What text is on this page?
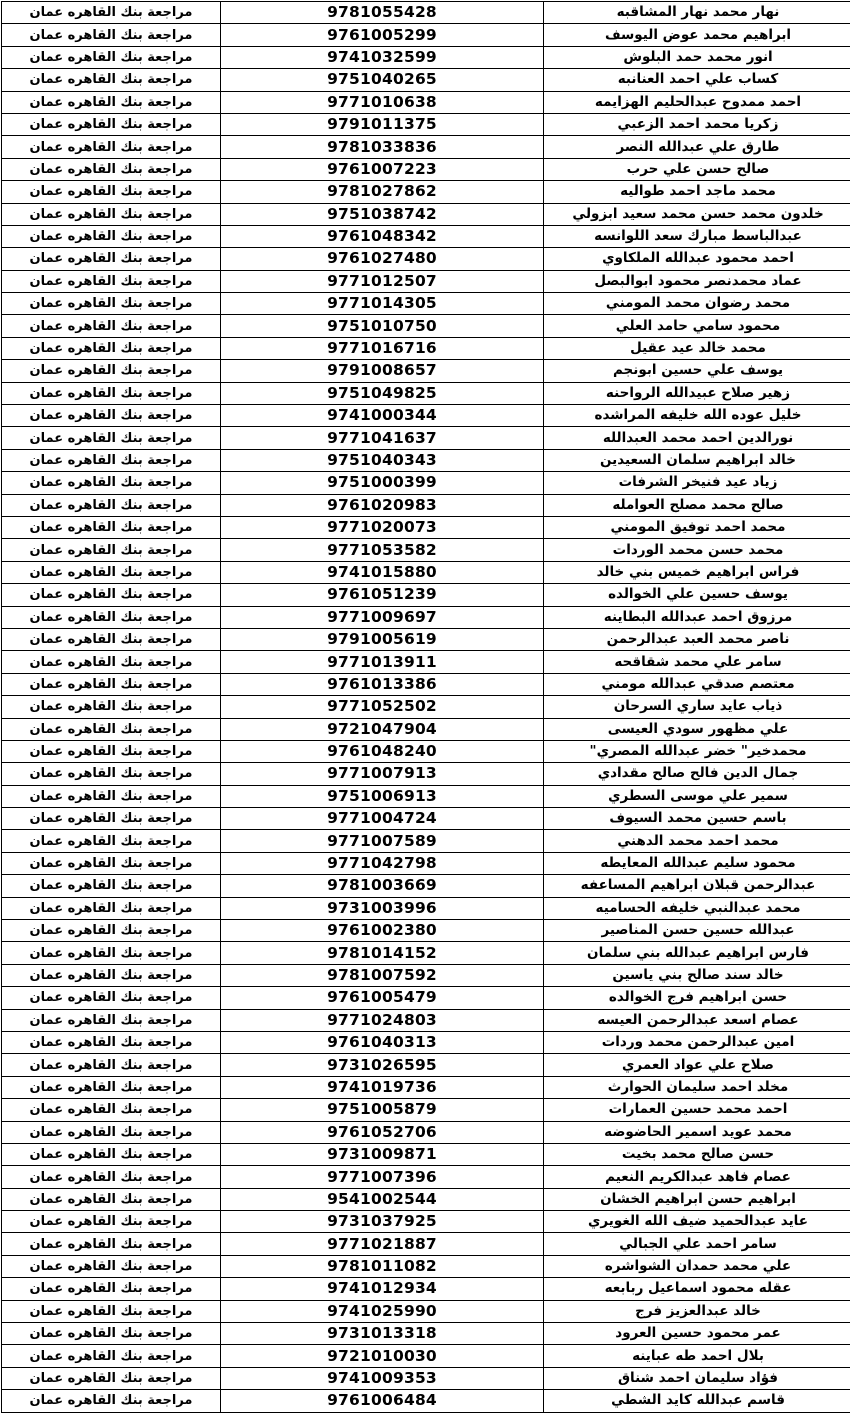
مراجعة بنك القاهره عمان	9781055428	نهار محمد نهار المشاقبه
مراجعة بنك القاهره عمان	9761005299	ابراهيم محمد عوض اليوسف
مراجعة بنك القاهره عمان	9741032599	انور محمد حمد البلوش
مراجعة بنك القاهره عمان	9751040265	كساب علي احمد العنانبه
مراجعة بنك القاهره عمان	9771010638	احمد ممدوح عبدالحليم الهزايمه
مراجعة بنك القاهره عمان	9791011375	زكريا محمد احمد الزعبي
مراجعة بنك القاهره عمان	9781033836	طارق علي عبدالله النصر
مراجعة بنك القاهره عمان	9761007223	صالح حسن علي حرب
مراجعة بنك القاهره عمان	9781027862	محمد ماجد احمد طواليه
مراجعة بنك القاهره عمان	9751038742	خلدون محمد حسن محمد سعيد ابزولي
مراجعة بنك القاهره عمان	9761048342	عبدالباسط مبارك سعد اللوانسه
مراجعة بنك القاهره عمان	9761027480	احمد محمود عبدالله الملكاوي
مراجعة بنك القاهره عمان	9771012507	عماد محمدنصر محمود ابوالبصل
مراجعة بنك القاهره عمان	9771014305	محمد رضوان محمد المومني
مراجعة بنك القاهره عمان	9751010750	محمود سامي حامد العلي
مراجعة بنك القاهره عمان	9771016716	محمد خالد عيد عقيل
مراجعة بنك القاهره عمان	9791008657	يوسف علي حسين ابونجم
مراجعة بنك القاهره عمان	9751049825	زهير صلاح عبيدالله الرواحنه
مراجعة بنك القاهره عمان	9741000344	خليل عوده الله خليفه المراشده
مراجعة بنك القاهره عمان	9771041637	نورالدين احمد محمد العبدالله
مراجعة بنك القاهره عمان	9751040343	خالد ابراهيم سلمان السعيدين
مراجعة بنك القاهره عمان	9751000399	زياد عيد فنيخر الشرفات
مراجعة بنك القاهره عمان	9761020983	صالح محمد مصلح العوامله
مراجعة بنك القاهره عمان	9771020073	محمد احمد توفيق المومني
مراجعة بنك القاهره عمان	9771053582	محمد حسن محمد الوردات
مراجعة بنك القاهره عمان	9741015880	فراس ابراهيم خميس بني خالد
مراجعة بنك القاهره عمان	9761051239	يوسف حسين علي الخوالده
مراجعة بنك القاهره عمان	9771009697	مرزوق احمد عبدالله البطاينه
مراجعة بنك القاهره عمان	9791005619	ناصر محمد العبد عبدالرحمن
مراجعة بنك القاهره عمان	9771013911	سامر علي محمد شقاقحه
مراجعة بنك القاهره عمان	9761013386	معتصم صدقي عبدالله مومني
مراجعة بنك القاهره عمان	9771052502	ذياب عايد ساري السرحان
مراجعة بنك القاهره عمان	9721047904	علي مظهور سودي العيسى
مراجعة بنك القاهره عمان	9761048240	محمدخير" خضر عبدالله المصري"
مراجعة بنك القاهره عمان	9771007913	جمال الدين فالح صالح مقدادي
مراجعة بنك القاهره عمان	9751006913	سمير علي موسى السطري
مراجعة بنك القاهره عمان	9771004724	باسم حسين محمد السيوف
مراجعة بنك القاهره عمان	9771007589	محمد احمد محمد الدهني
مراجعة بنك القاهره عمان	9771042798	محمود سليم عبدالله المعايطه
مراجعة بنك القاهره عمان	9781003669	عبدالرحمن قبلان ابراهيم المساعفه
مراجعة بنك القاهره عمان	9731003996	محمد عبدالنبي خليفه الحساميه
مراجعة بنك القاهره عمان	9761002380	عبدالله حسين حسن المناصير
مراجعة بنك القاهره عمان	9781014152	فارس ابراهيم عبدالله بني سلمان
مراجعة بنك القاهره عمان	9781007592	خالد سند صالح بني ياسين
مراجعة بنك القاهره عمان	9761005479	حسن ابراهيم فرج الخوالده
مراجعة بنك القاهره عمان	9771024803	عصام اسعد عبدالرحمن العيسه
مراجعة بنك القاهره عمان	9761040313	امين عبدالرحمن محمد وردات
مراجعة بنك القاهره عمان	9731026595	صلاح علي عواد العمري
مراجعة بنك القاهره عمان	9741019736	مخلد احمد سليمان الحوارث
مراجعة بنك القاهره عمان	9751005879	احمد محمد حسين العمارات
مراجعة بنك القاهره عمان	9761052706	محمد عويد اسمير الحاضوضه
مراجعة بنك القاهره عمان	9731009871	حسن صالح محمد بخيت
مراجعة بنك القاهره عمان	9771007396	عصام فاهد عبدالكريم النعيم
مراجعة بنك القاهره عمان	9541002544	ابراهيم حسن ابراهيم الخشان
مراجعة بنك القاهره عمان	9731037925	عايد عبدالحميد ضيف الله الغويري
مراجعة بنك القاهره عمان	9771021887	سامر احمد علي الجبالي
مراجعة بنك القاهره عمان	9781011082	علي محمد حمدان الشواشره
مراجعة بنك القاهره عمان	9741012934	عقله محمود اسماعيل ربابعه
مراجعة بنك القاهره عمان	9741025990	خالد عبدالعزيز فرج
مراجعة بنك القاهره عمان	9731013318	عمر محمود حسين العرود
مراجعة بنك القاهره عمان	9721010030	بلال احمد طه عباينه
مراجعة بنك القاهره عمان	9741009353	فؤاد سليمان احمد شناق
مراجعة بنك القاهره عمان	9761006484	قاسم عبدالله كايد الشطي
